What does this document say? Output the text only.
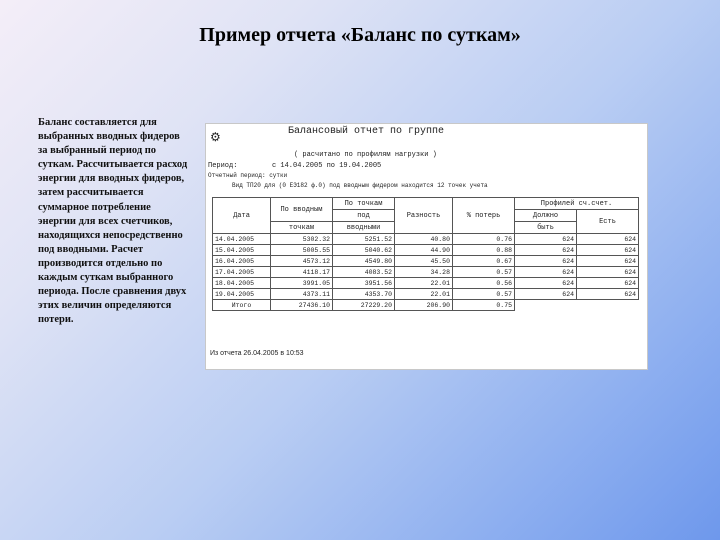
Пример отчета «Баланс по суткам»
Баланс составляется для выбранных вводных фидеров за выбранный период по суткам. Рассчитывается расход энергии для вводных фидеров, затем рассчитывается суммарное потребление энергии для всех счетчиков, находящихся непосредственно под вводными. Расчет производится отдельно по каждым суткам выбранного периода. После сравнения двух этих величин определяются потери.
⚙	Балансовый отчет по группе
( расчитано по профилям нагрузки )
Период:	с 14.04.2005 по 19.04.2005
Отчетный период: сутки
Вид ТП20 для (0 ЕЭ182 ф.0) под вводным фидером находится 12 точек учета
Дата	По вводным	По точкам	Разность	% потерь	Профилей сч.счет.	
		под			Должно	Есть
	точкам	вводными			быть	
14.04.2005	5302.32	5251.52	40.80	0.76	624	624
15.04.2005	5005.55	5040.62	44.90	0.88	624	624
16.04.2005	4573.12	4549.80	45.50	0.67	624	624
17.04.2005	4118.17	4083.52	34.28	0.57	624	624
18.04.2005	3991.05	3951.56	22.01	0.56	624	624
19.04.2005	4373.11	4353.70	22.01	0.57	624	624
Итого	27436.10	27229.20	206.90	0.75		
Из отчета 26.04.2005 в 10:53
